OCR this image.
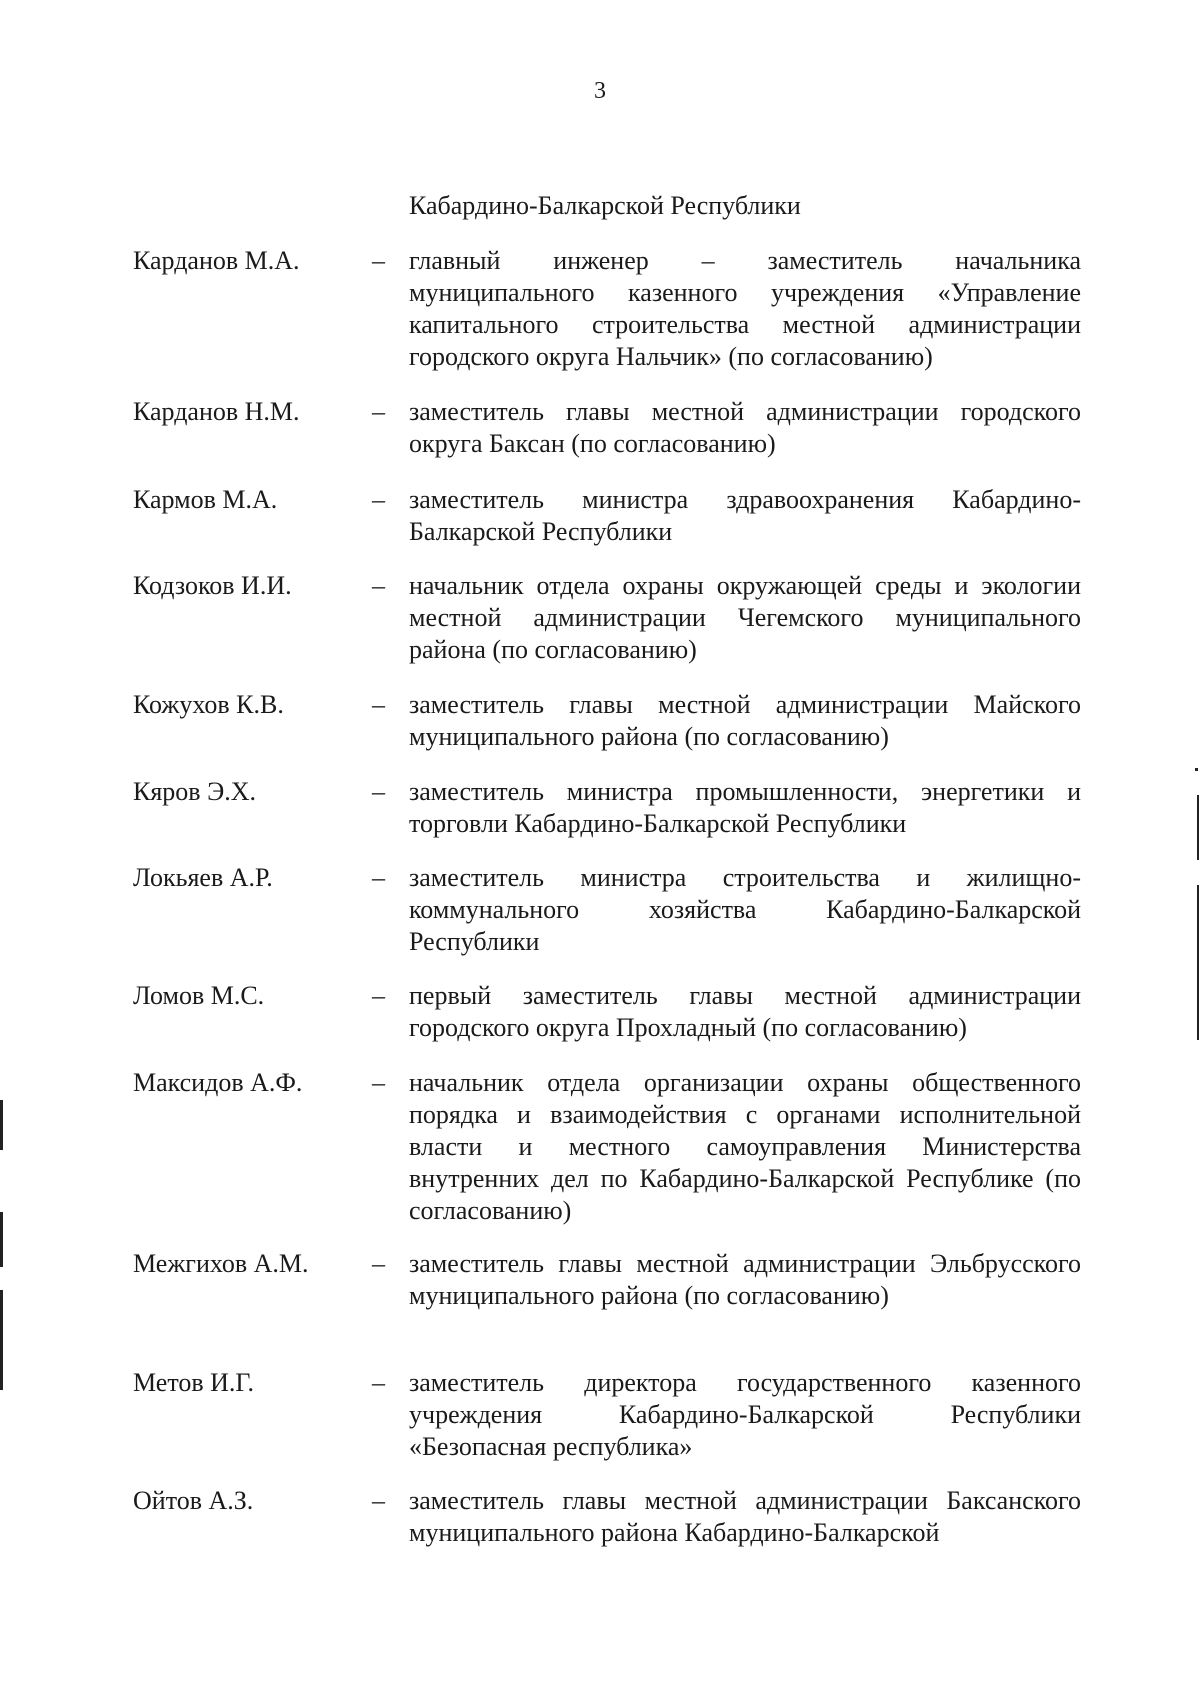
3
Кабардино-Балкарской Республики
Карданов М.А.	– главный инженер – заместитель начальника муниципального казенного учреждения «Управление капитального строительства местной администрации городского округа Нальчик» (по согласованию)
Карданов Н.М.	– заместитель главы местной администрации городского округа Баксан (по согласованию)
Кармов М.А.	– заместитель министра здравоохранения Кабардино-Балкарской Республики
Кодзоков И.И.	– начальник отдела охраны окружающей среды и экологии местной администрации Чегемского муниципального района (по согласованию)
Кожухов К.В.	– заместитель главы местной администрации Майского муниципального района (по согласованию)
Кяров Э.Х.	– заместитель министра промышленности, энергетики и торговли Кабардино-Балкарской Республики
Локьяев А.Р.	– заместитель министра строительства и жилищно-коммунального хозяйства Кабардино-Балкарской Республики
Ломов М.С.	– первый заместитель главы местной администрации городского округа Прохладный (по согласованию)
Максидов А.Ф.	– начальник отдела организации охраны общественного порядка и взаимодействия с органами исполнительной власти и местного самоуправления Министерства внутренних дел по Кабардино-Балкарской Республике (по согласованию)
Межгихов А.М. – заместитель главы местной администрации Эльбрусского муниципального района (по согласованию)
Метов И.Г.	– заместитель директора государственного казенного учреждения Кабардино-Балкарской Республики «Безопасная республика»
Ойтов А.З.	– заместитель главы местной администрации Баксанского муниципального района Кабардино-Балкарской
